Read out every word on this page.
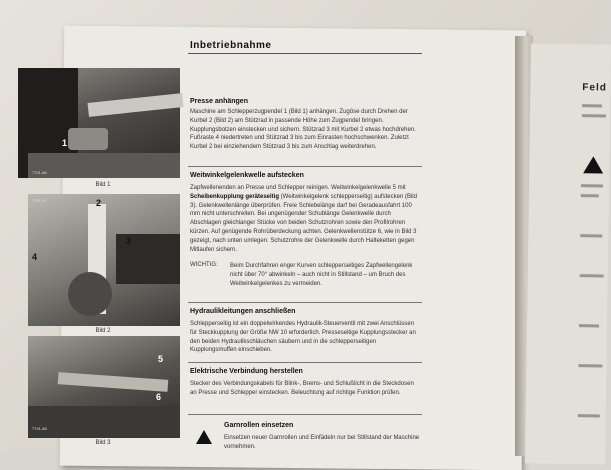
Feld
1
7701-86
Bild 1
2
3
4
7701-87
Bild 2
5
6
7701-88
Bild 3
Inbetriebnahme
Presse anhängen
Maschine am Schlepperzugpendel 1 (Bild 1) anhängen. Zugöse durch Drehen der Kurbel 2 (Bild 2) am Stützrad in passende Höhe zum Zugpendel bringen. Kupplungsbolzen einstecken und sichern. Stützrad 3 mit Kurbel 2 etwas hochdrehen. Fußraste 4 niedertreten und Stützrad 3 bis zum Einrasten hochschwenken. Zuletzt Kurbel 2 bei einziehendem Stützrad 3 bis zum Anschlag weiterdrehen.
Weitwinkelgelenkwelle aufstecken
Zapfwellenenden an Presse und Schlepper reinigen. Weitwinkelgelenkwelle 5 mit Scheibenkupplung geräteseitig (Weitwinkelgelenk schlepperseitig) aufstecken (Bild 3). Gelenkwellenlänge überprüfen. Freie Schiebelänge darf bei Geradeausfahrt 100 mm nicht unterschreiten. Bei ungenügender Schublänge Gelenkwelle durch Abschlagen gleichlanger Stücke von beiden Schutzrohren sowie den Profilrohren kürzen. Auf genügende Rohrüberdeckung achten. Gelenkwellenstütze 6, wie in Bild 3 gezeigt, nach unten umlegen. Schutzrohre der Gelenkwelle durch Halteketten gegen Mitlaufen sichern.
WICHTIG: Beim Durchfahren enger Kurven schlepperseitiges Zapfwellengelenk nicht über 70° abwinkeln – auch nicht in Stillstand – um Bruch des Weitwinkelgelenkes zu vermeiden.
Hydraulikleitungen anschließen
Schlepperseitig ist ein doppelwirkendes Hydraulik-Steuerventil mit zwei Anschlüssen für Steckkupplung der Größe NW 10 erforderlich. Presseseitige Kupplungsstecker an den beiden Hydraulikschläuchen säubern und in die schlepperseitigen Kupplungsmuffen einschieben.
Elektrische Verbindung herstellen
Stecker des Verbindungskabels für Blink-, Brems- und Schlußlicht in die Steckdosen an Presse und Schlepper einstecken. Beleuchtung auf richtige Funktion prüfen.
Garnrollen einsetzen
Einsetzen neuer Garnrollen und Einfädeln nur bei Stillstand der Maschine vornehmen.
